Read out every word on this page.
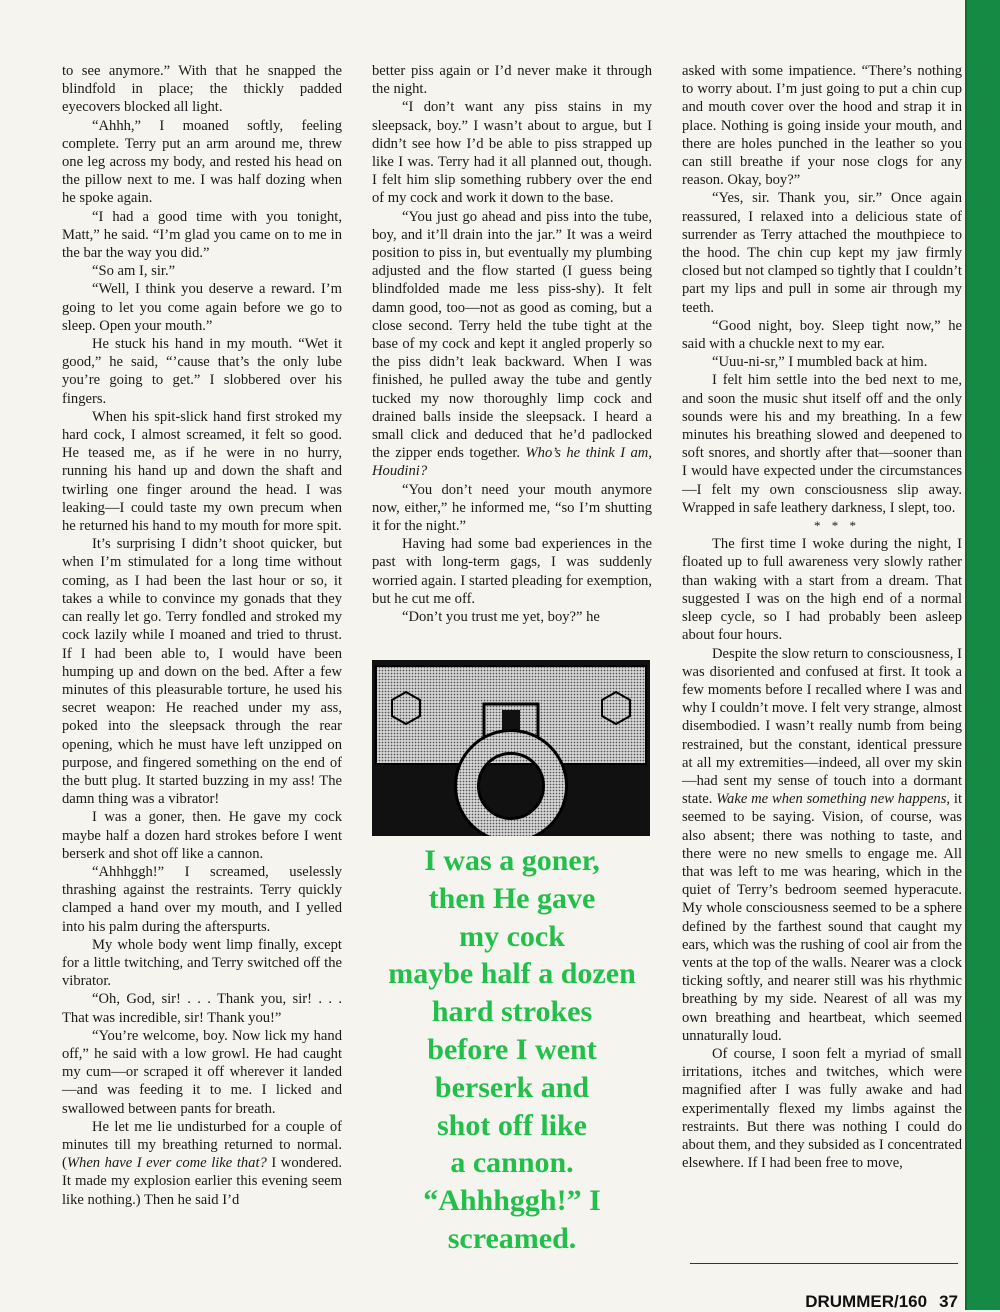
to see anymore.” With that he snapped the blindfold in place; the thickly padded eyecovers blocked all light.

“Ahhh,” I moaned softly, feeling complete. Terry put an arm around me, threw one leg across my body, and rested his head on the pillow next to me. I was half dozing when he spoke again.

“I had a good time with you tonight, Matt,” he said. “I’m glad you came on to me in the bar the way you did.”

“So am I, sir.”

“Well, I think you deserve a reward. I’m going to let you come again before we go to sleep. Open your mouth.”

He stuck his hand in my mouth. “Wet it good,” he said, “’cause that’s the only lube you’re going to get.” I slobbered over his fingers.

When his spit-slick hand first stroked my hard cock, I almost screamed, it felt so good. He teased me, as if he were in no hurry, running his hand up and down the shaft and twirling one finger around the head. I was leaking—I could taste my own precum when he returned his hand to my mouth for more spit.

It’s surprising I didn’t shoot quicker, but when I’m stimulated for a long time without coming, as I had been the last hour or so, it takes a while to convince my gonads that they can really let go. Terry fondled and stroked my cock lazily while I moaned and tried to thrust. If I had been able to, I would have been humping up and down on the bed. After a few minutes of this pleasurable torture, he used his secret weapon: He reached under my ass, poked into the sleepsack through the rear opening, which he must have left unzipped on purpose, and fingered something on the end of the butt plug. It started buzzing in my ass! The damn thing was a vibrator!

I was a goner, then. He gave my cock maybe half a dozen hard strokes before I went berserk and shot off like a cannon.

“Ahhhggh!” I screamed, uselessly thrashing against the restraints. Terry quickly clamped a hand over my mouth, and I yelled into his palm during the afterspurts.

My whole body went limp finally, except for a little twitching, and Terry switched off the vibrator.

“Oh, God, sir! . . . Thank you, sir! . . . That was incredible, sir! Thank you!”

“You’re welcome, boy. Now lick my hand off,” he said with a low growl. He had caught my cum—or scraped it off wherever it landed—and was feeding it to me. I licked and swallowed between pants for breath.

He let me lie undisturbed for a couple of minutes till my breathing returned to normal. (When have I ever come like that? I wondered. It made my explosion earlier this evening seem like nothing.) Then he said I’d

better piss again or I’d never make it through the night.

“I don’t want any piss stains in my sleepsack, boy.” I wasn’t about to argue, but I didn’t see how I’d be able to piss strapped up like I was. Terry had it all planned out, though. I felt him slip something rubbery over the end of my cock and work it down to the base.

“You just go ahead and piss into the tube, boy, and it’ll drain into the jar.” It was a weird position to piss in, but eventually my plumbing adjusted and the flow started (I guess being blindfolded made me less piss-shy). It felt damn good, too—not as good as coming, but a close second. Terry held the tube tight at the base of my cock and kept it angled properly so the piss didn’t leak backward. When I was finished, he pulled away the tube and gently tucked my now thoroughly limp cock and drained balls inside the sleepsack. I heard a small click and deduced that he’d padlocked the zipper ends together. Who’s he think I am, Houdini?

“You don’t need your mouth anymore now, either,” he informed me, “so I’m shutting it for the night.”

Having had some bad experiences in the past with long-term gags, I was suddenly worried again. I started pleading for exemption, but he cut me off.

“Don’t you trust me yet, boy?” he

asked with some impatience. “There’s nothing to worry about. I’m just going to put a chin cup and mouth cover over the hood and strap it in place. Nothing is going inside your mouth, and there are holes punched in the leather so you can still breathe if your nose clogs for any reason. Okay, boy?”

“Yes, sir. Thank you, sir.” Once again reassured, I relaxed into a delicious state of surrender as Terry attached the mouthpiece to the hood. The chin cup kept my jaw firmly closed but not clamped so tightly that I couldn’t part my lips and pull in some air through my teeth.

“Good night, boy. Sleep tight now,” he said with a chuckle next to my ear.

“Uuu-ni-sr,” I mumbled back at him.

I felt him settle into the bed next to me, and soon the music shut itself off and the only sounds were his and my breathing. In a few minutes his breathing slowed and deepened to soft snores, and shortly after that—sooner than I would have expected under the circumstances—I felt my own consciousness slip away. Wrapped in safe leathery darkness, I slept, too.

* * *

The first time I woke during the night, I floated up to full awareness very slowly rather than waking with a start from a dream. That suggested I was on the high end of a normal sleep cycle, so I had probably been asleep about four hours.

Despite the slow return to consciousness, I was disoriented and confused at first. It took a few moments before I recalled where I was and why I couldn’t move. I felt very strange, almost disembodied. I wasn’t really numb from being restrained, but the constant, identical pressure at all my extremities—indeed, all over my skin—had sent my sense of touch into a dormant state. Wake me when something new happens, it seemed to be saying. Vision, of course, was also absent; there was nothing to taste, and there were no new smells to engage me. All that was left to me was hearing, which in the quiet of Terry’s bedroom seemed hyperacute. My whole consciousness seemed to be a sphere defined by the farthest sound that caught my ears, which was the rushing of cool air from the vents at the top of the walls. Nearer was a clock ticking softly, and nearer still was his rhythmic breathing by my side. Nearest of all was my own breathing and heartbeat, which seemed unnaturally loud.

Of course, I soon felt a myriad of small irritations, itches and twitches, which were magnified after I was fully awake and had experimentally flexed my limbs against the restraints. But there was nothing I could do about them, and they subsided as I concentrated elsewhere. If I had been free to move,

I was a goner,
then He gave
my cock
maybe half a dozen
hard strokes
before I went
berserk and
shot off like
a cannon.
“Ahhhggh!” I
screamed.
DRUMMER/160 37
